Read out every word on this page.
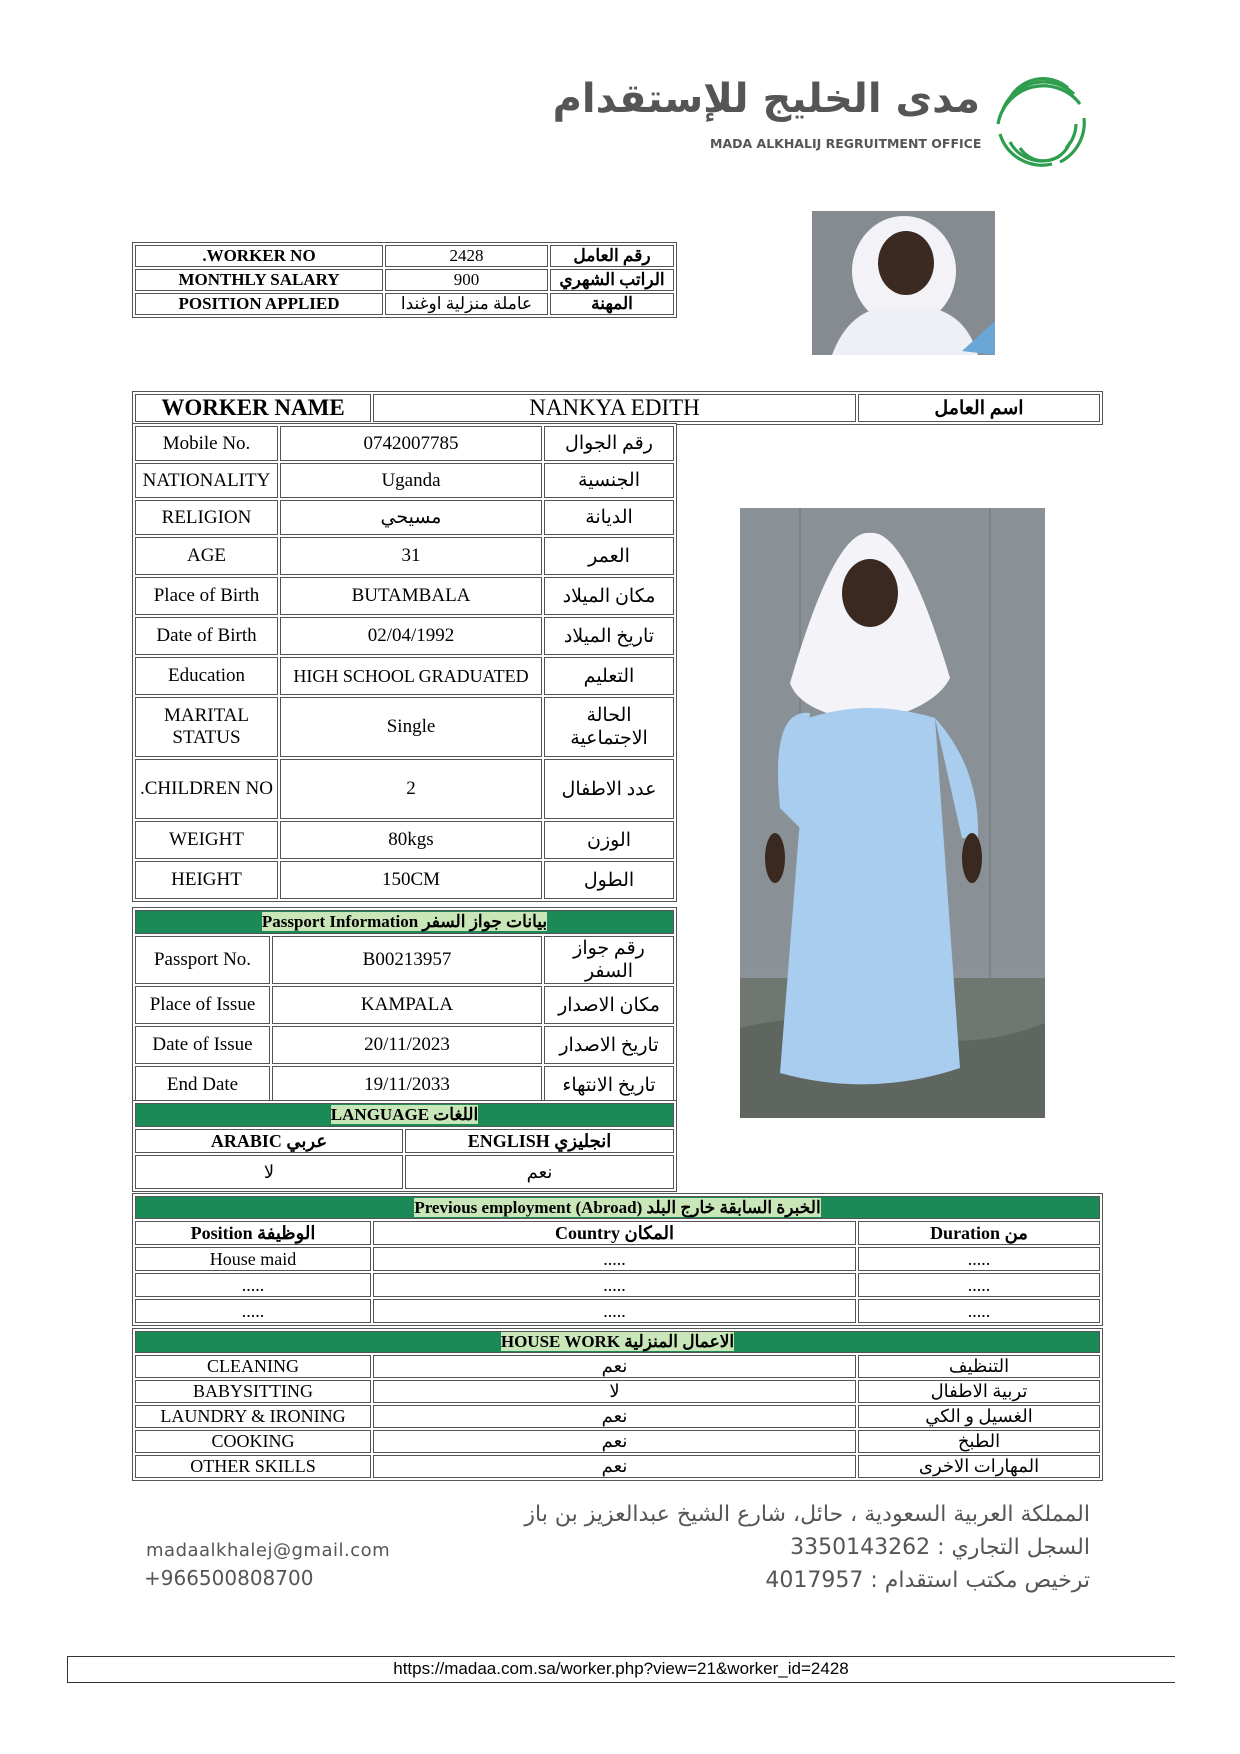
مدى الخليج للإستقدام
MADA ALKHALIJ REGRUITMENT OFFICE
.WORKER NO	2428	رقم العامل
MONTHLY SALARY	900	الراتب الشهري
POSITION APPLIED	عاملة منزلية اوغندا	المهنة
WORKER NAME	NANKYA EDITH	اسم العامل
Mobile No.	0742007785	رقم الجوال
NATIONALITY	Uganda	الجنسية
RELIGION	مسيحي	الديانة
AGE	31	العمر
Place of Birth	BUTAMBALA	مكان الميلاد
Date of Birth	02/04/1992	تاريخ الميلاد
Education	HIGH SCHOOL GRADUATED	التعليم
MARITAL STATUS	Single	الحالة الاجتماعية
.CHILDREN NO	2	عدد الاطفال
WEIGHT	80kgs	الوزن
HEIGHT	150CM	الطول
Passport Information بيانات جواز السفر		
Passport No.	B00213957	رقم جواز السفر
Place of Issue	KAMPALA	مكان الاصدار
Date of Issue	20/11/2023	تاريخ الاصدار
End Date	19/11/2033	تاريخ الانتهاء
LANGUAGE اللغات	
ARABIC عربي	ENGLISH انجليزي
لا	نعم
Previous employment (Abroad) الخبرة السابقة خارج البلد		
Position الوظيفة	Country المكان	Duration من
House maid	.....	.....
.....	.....	.....
.....	.....	.....
HOUSE WORK الاعمال المنزلية		
CLEANING	نعم	التنظيف
BABYSITTING	لا	تربية الاطفال
LAUNDRY & IRONING	نعم	الغسيل و الكي
COOKING	نعم	الطبخ
OTHER SKILLS	نعم	المهارات الاخرى
madaalkhalej@gmail.com
+966500808700
المملكة العربية السعودية ، حائل، شارع الشيخ عبدالعزيز بن باز
السجل التجاري : 3350143262
ترخيص مكتب استقدام : 4017957
https://madaa.com.sa/worker.php?view=21&worker_id=2428
